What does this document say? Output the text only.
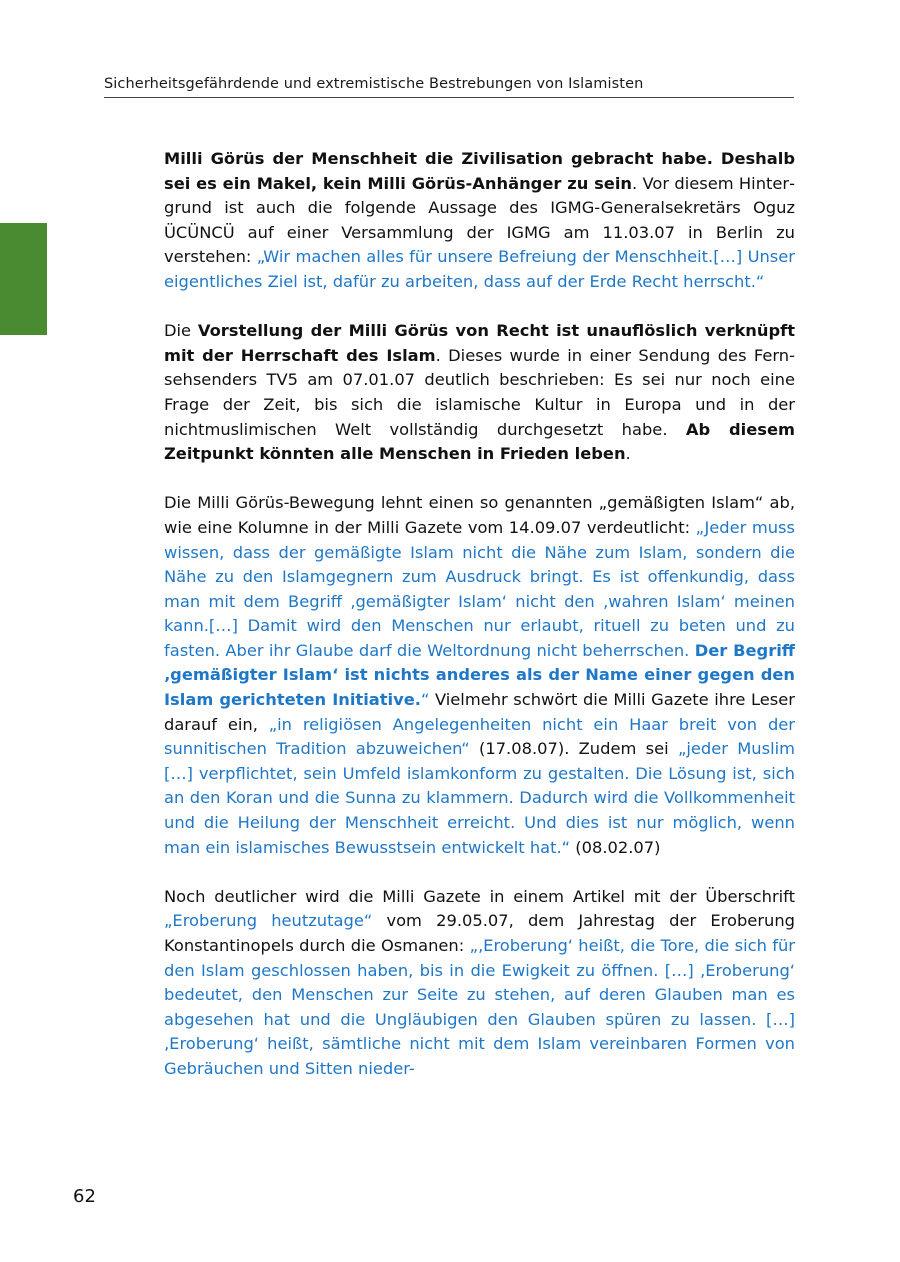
Sicherheitsgefährdende und extremistische Bestrebungen von Islamisten

Milli Görüs der Menschheit die Zivilisation gebracht habe. Deshalb sei es ein Makel, kein Milli Görüs-Anhänger zu sein. Vor diesem Hintergrund ist auch die folgende Aussage des IGMG-Generalsekretärs Oguz ÜCÜNCÜ auf einer Versammlung der IGMG am 11.03.07 in Berlin zu verstehen: „Wir machen alles für unsere Befreiung der Menschheit.[…] Unser eigentliches Ziel ist, dafür zu arbeiten, dass auf der Erde Recht herrscht.“

Die Vorstellung der Milli Görüs von Recht ist unauflöslich verknüpft mit der Herrschaft des Islam. Dieses wurde in einer Sendung des Fernsehsenders TV5 am 07.01.07 deutlich beschrieben: Es sei nur noch eine Frage der Zeit, bis sich die islamische Kultur in Europa und in der nichtmuslimischen Welt vollständig durchgesetzt habe. Ab diesem Zeitpunkt könnten alle Menschen in Frieden leben.

Die Milli Görüs-Bewegung lehnt einen so genannten „gemäßigten Islam“ ab, wie eine Kolumne in der Milli Gazete vom 14.09.07 verdeutlicht: „Jeder muss wissen, dass der gemäßigte Islam nicht die Nähe zum Islam, sondern die Nähe zu den Islamgegnern zum Ausdruck bringt. Es ist offenkundig, dass man mit dem Begriff ‚gemäßigter Islam‘ nicht den ‚wahren Islam‘ meinen kann.[…] Damit wird den Menschen nur erlaubt, rituell zu beten und zu fasten. Aber ihr Glaube darf die Weltordnung nicht beherrschen. Der Begriff ‚gemäßigter Islam‘ ist nichts anderes als der Name einer gegen den Islam gerichteten Initiative.“ Vielmehr schwört die Milli Gazete ihre Leser darauf ein, „in religiösen Angelegenheiten nicht ein Haar breit von der sunnitischen Tradition abzuweichen“ (17.08.07). Zudem sei „jeder Muslim […] verpflichtet, sein Umfeld islamkonform zu gestalten. Die Lösung ist, sich an den Koran und die Sunna zu klammern. Dadurch wird die Vollkommenheit und die Heilung der Menschheit erreicht. Und dies ist nur möglich, wenn man ein islamisches Bewusstsein entwickelt hat.“ (08.02.07)

Noch deutlicher wird die Milli Gazete in einem Artikel mit der Überschrift „Eroberung heutzutage“ vom 29.05.07, dem Jahrestag der Eroberung Konstantinopels durch die Osmanen: „‚Eroberung‘ heißt, die Tore, die sich für den Islam geschlossen haben, bis in die Ewigkeit zu öffnen. […] ‚Eroberung‘ bedeutet, den Menschen zur Seite zu stehen, auf deren Glauben man es abgesehen hat und die Ungläubigen den Glauben spüren zu lassen. […] ‚Eroberung‘ heißt, sämtliche nicht mit dem Islam vereinbaren Formen von Gebräuchen und Sitten nieder-

62
